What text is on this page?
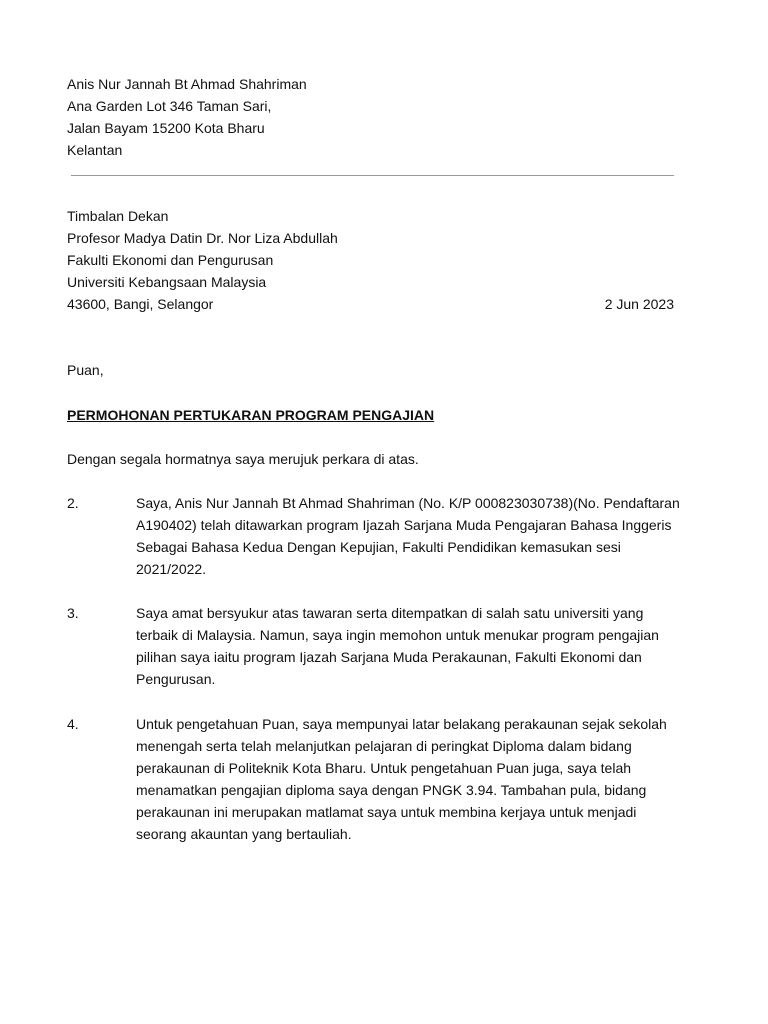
Anis Nur Jannah Bt Ahmad Shahriman
Ana Garden Lot 346 Taman Sari,
Jalan Bayam 15200 Kota Bharu
Kelantan
Timbalan Dekan
Profesor Madya Datin Dr. Nor Liza Abdullah
Fakulti Ekonomi dan Pengurusan
Universiti Kebangsaan Malaysia
43600, Bangi, Selangor	2 Jun 2023
Puan,
PERMOHONAN PERTUKARAN PROGRAM PENGAJIAN
Dengan segala hormatnya saya merujuk perkara di atas.
2.	Saya, Anis Nur Jannah Bt Ahmad Shahriman (No. K/P 000823030738)(No. Pendaftaran
A190402) telah ditawarkan program Ijazah Sarjana Muda Pengajaran Bahasa Inggeris
Sebagai Bahasa Kedua Dengan Kepujian, Fakulti Pendidikan kemasukan sesi
2021/2022.
3.	Saya amat bersyukur atas tawaran serta ditempatkan di salah satu universiti yang
terbaik di Malaysia. Namun, saya ingin memohon untuk menukar program pengajian
pilihan saya iaitu program Ijazah Sarjana Muda Perakaunan, Fakulti Ekonomi dan
Pengurusan.
4.	Untuk pengetahuan Puan, saya mempunyai latar belakang perakaunan sejak sekolah
menengah serta telah melanjutkan pelajaran di peringkat Diploma dalam bidang
perakaunan di Politeknik Kota Bharu. Untuk pengetahuan Puan juga, saya telah
menamatkan pengajian diploma saya dengan PNGK 3.94. Tambahan pula, bidang
perakaunan ini merupakan matlamat saya untuk membina kerjaya untuk menjadi
seorang akauntan yang bertauliah.
